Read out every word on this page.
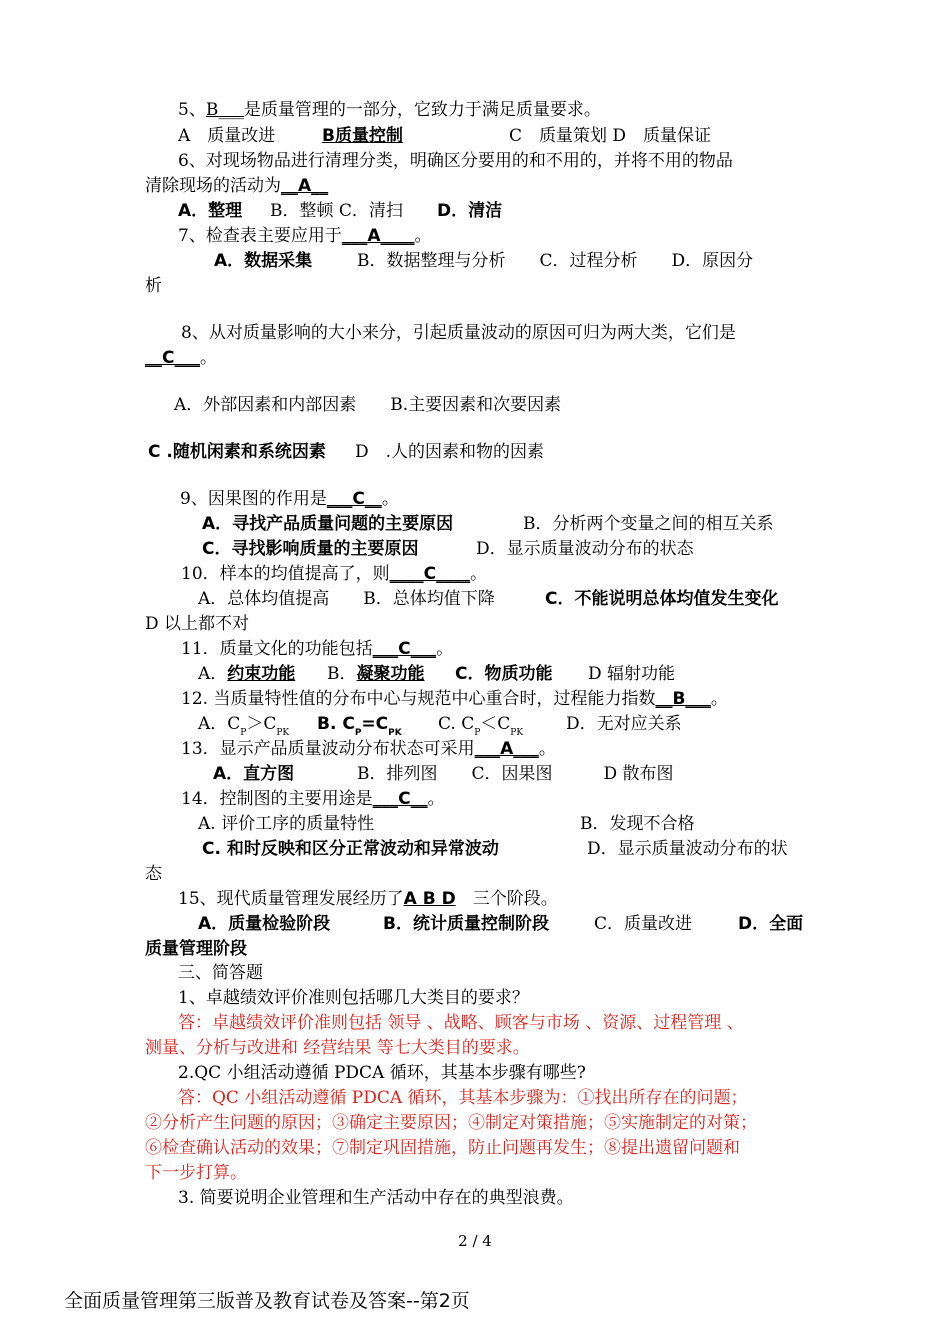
5、B___是质量管理的一部分，它致力于满足质量要求。
A　质量改进	B质量控制	C　质量策划 D　质量保证
6、对现场物品进行清理分类，明确区分要用的和不用的，并将不用的物品
清除现场的活动为__A__
A．整理 B．整顿 C．清扫 D．清洁
7、检查表主要应用于___A____。
A．数据采集	B．数据整理与分析　　C．过程分析　　D．原因分
析
8、从对质量影响的大小来分，引起质量波动的原因可归为两大类，它们是
__C___。
A．外部因素和内部因素　　B.主要因素和次要因素
C .随机闲素和系统因素 D　.人的因素和物的因素
9、因果图的作用是___C__。
A．寻找产品质量问题的主要原因	B．分析两个变量之间的相互关系
C．寻找影响质量的主要原因	D．显示质量波动分布的状态
10．样本的均值提高了，则____C____。
A．总体均值提高　　B．总体均值下降	C．不能说明总体均值发生变化
D 以上都不对
11．质量文化的功能包括___C___。
A．约束功能 B．凝聚功能 C．物质功能 D 辐射功能
12. 当质量特性值的分布中心与规范中心重合时，过程能力指数__B___。
A．$C_P>C_{PK}$ B. $C_P=C_{PK}$ C. $C_P<C_{PK}$	D．无对应关系
13．显示产品质量波动分布状态可采用___A___。
A．直方图	B．排列图　　C．因果图　　　D 散布图
14．控制图的主要用途是___C__。
A. 评价工序的质量特性	B．发现不合格
C. 和时反映和区分正常波动和异常波动	D．显示质量波动分布的状
态
15、现代质量管理发展经历了A B D　 三个阶段。
A．质量检验阶段	B．统计质量控制阶段	C．质量改进	D．全面
质量管理阶段
三、简答题
1、卓越绩效评价准则包括哪几大类目的要求？
答：卓越绩效评价准则包括 领导 、战略、顾客与市场 、资源、过程管理 、
测量、分析与改进和 经营结果 等七大类目的要求。
2.QC 小组活动遵循 PDCA 循环，其基本步骤有哪些?
答：QC 小组活动遵循 PDCA 循环，其基本步骤为：①找出所存在的问题；
②分析产生问题的原因；③确定主要原因；④制定对策措施；⑤实施制定的对策；
⑥检查确认活动的效果；⑦制定巩固措施，防止问题再发生；⑧提出遗留问题和
下一步打算。
3. 简要说明企业管理和生产活动中存在的典型浪费。
2 / 4
全面质量管理第三版普及教育试卷及答案--第2页
